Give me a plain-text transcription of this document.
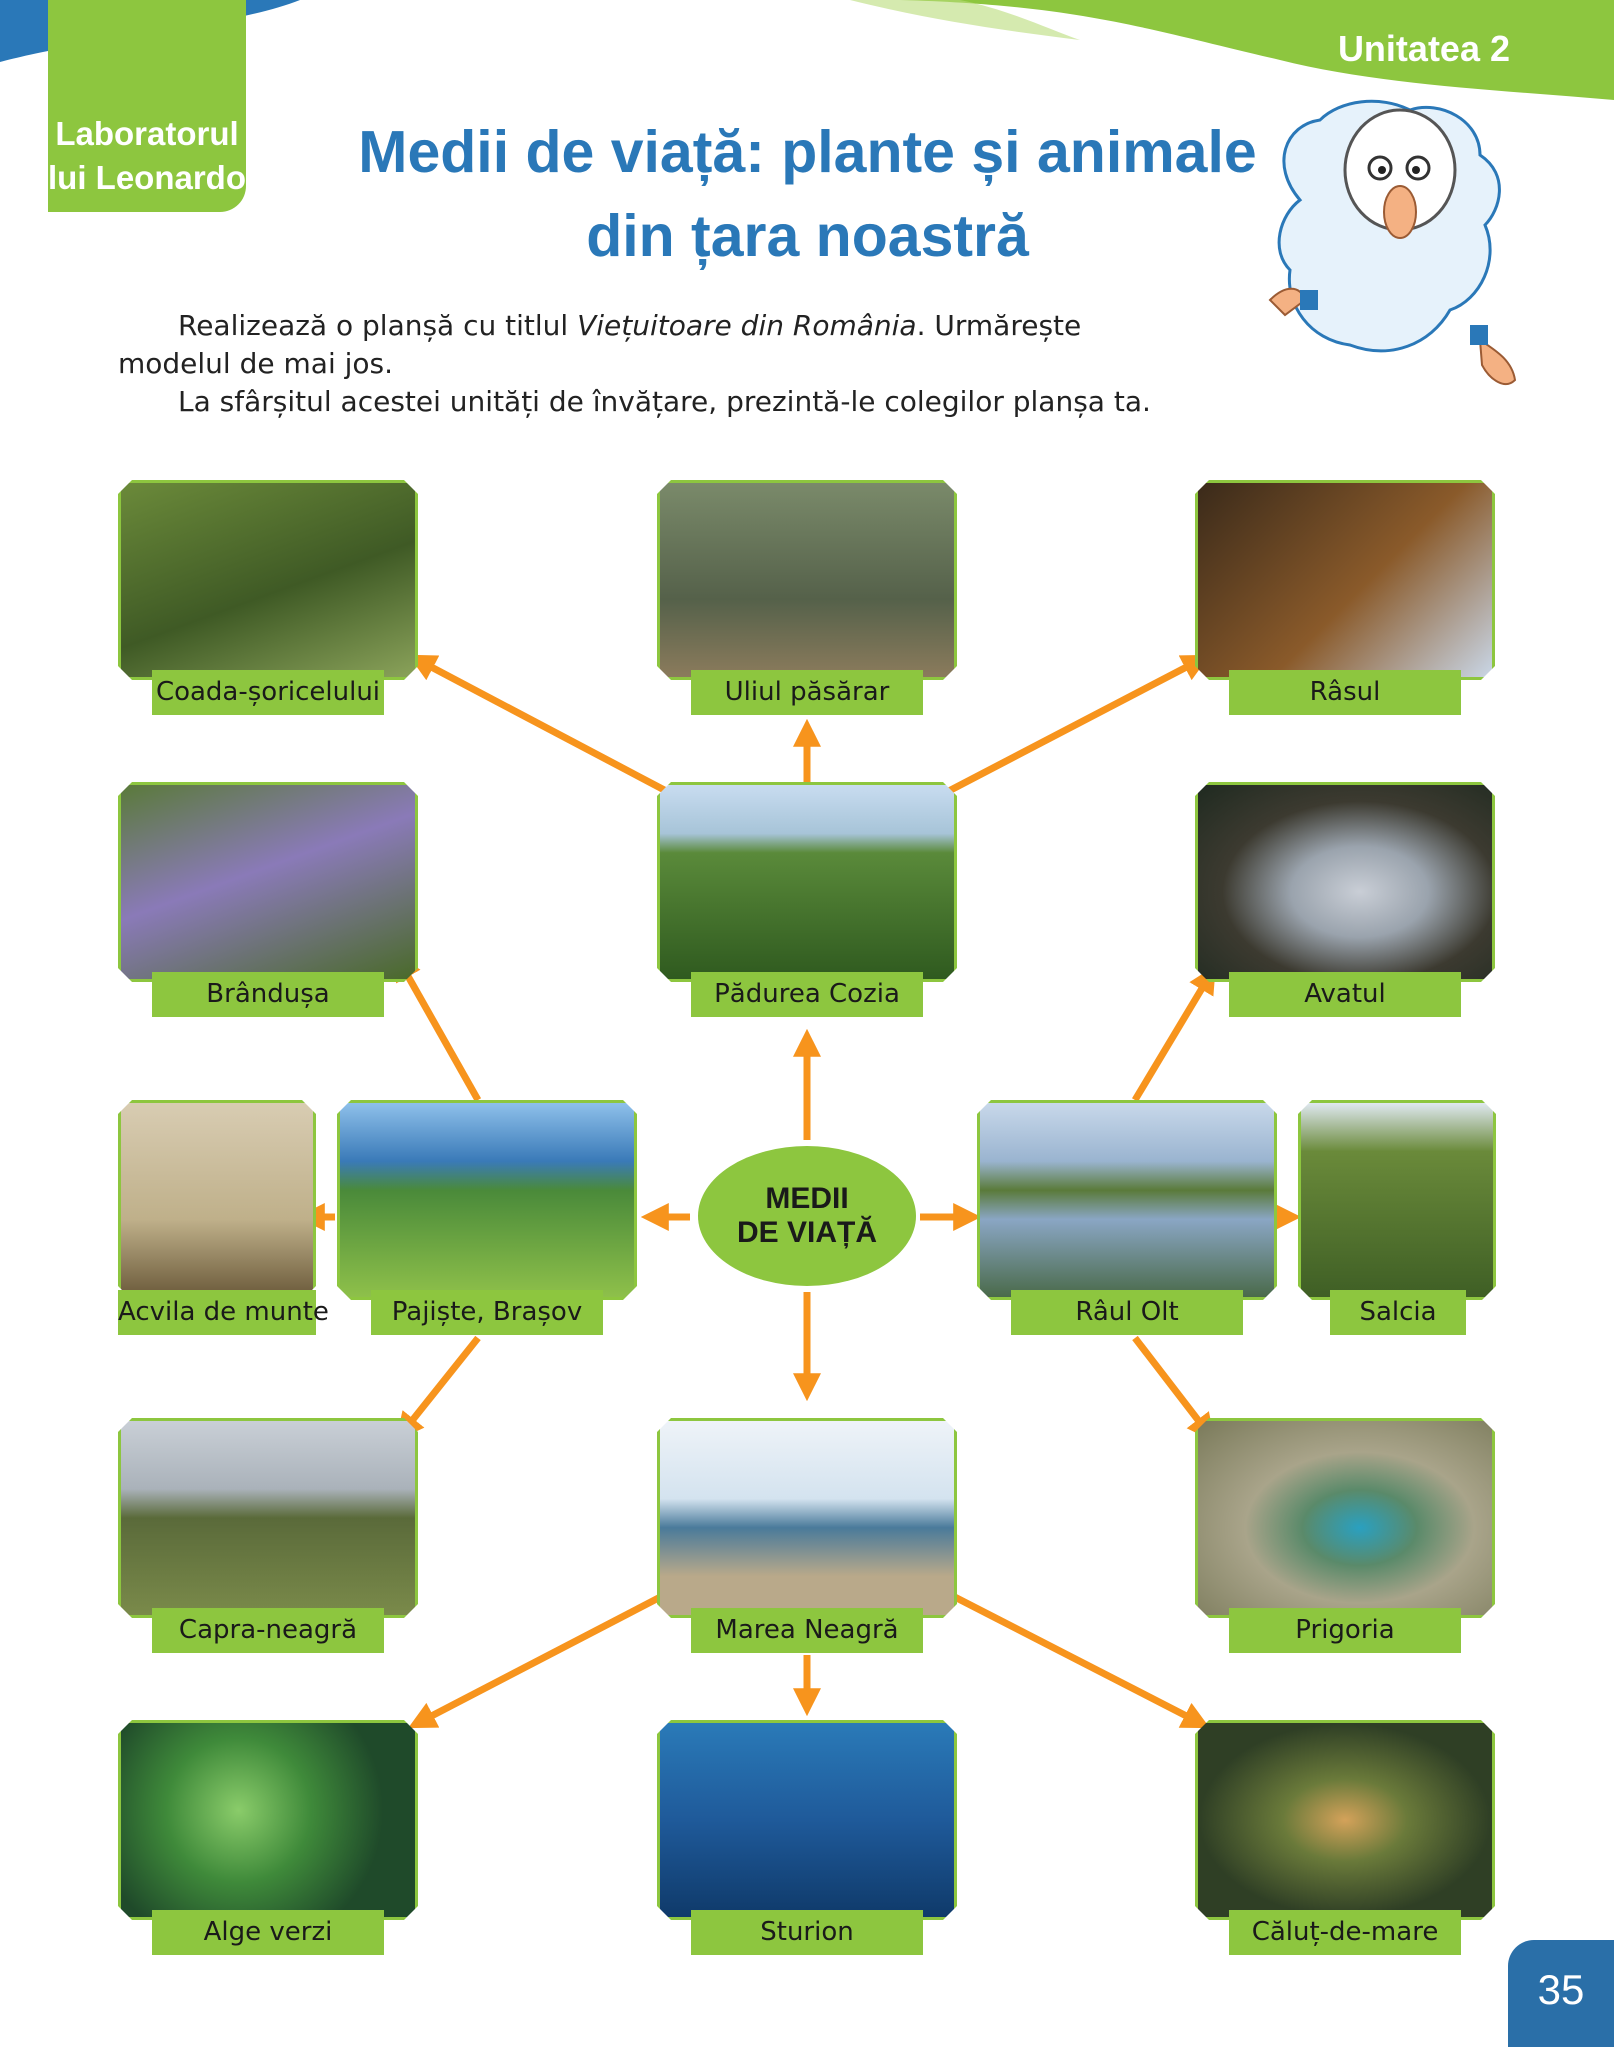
Laboratorul
lui Leonardo
Unitatea 2
Medii de viață: plante și animale
din țara noastră

Realizează o planșă cu titlul Viețuitoare din România. Urmărește modelul de mai jos.

La sfârșitul acestei unități de învățare, prezintă-le colegilor planșa ta.

Coada-șoricelului	Uliul păsărar	Râsul
Brândușa	Pădurea Cozia	Avatul
Acvila de munte	Pajiște, Brașov
MEDII
DE VIAȚĂ
Râul Olt	Salcia
Capra-neagră	Marea Neagră	Prigoria
Alge verzi	Sturion	Căluț-de-mare
35
